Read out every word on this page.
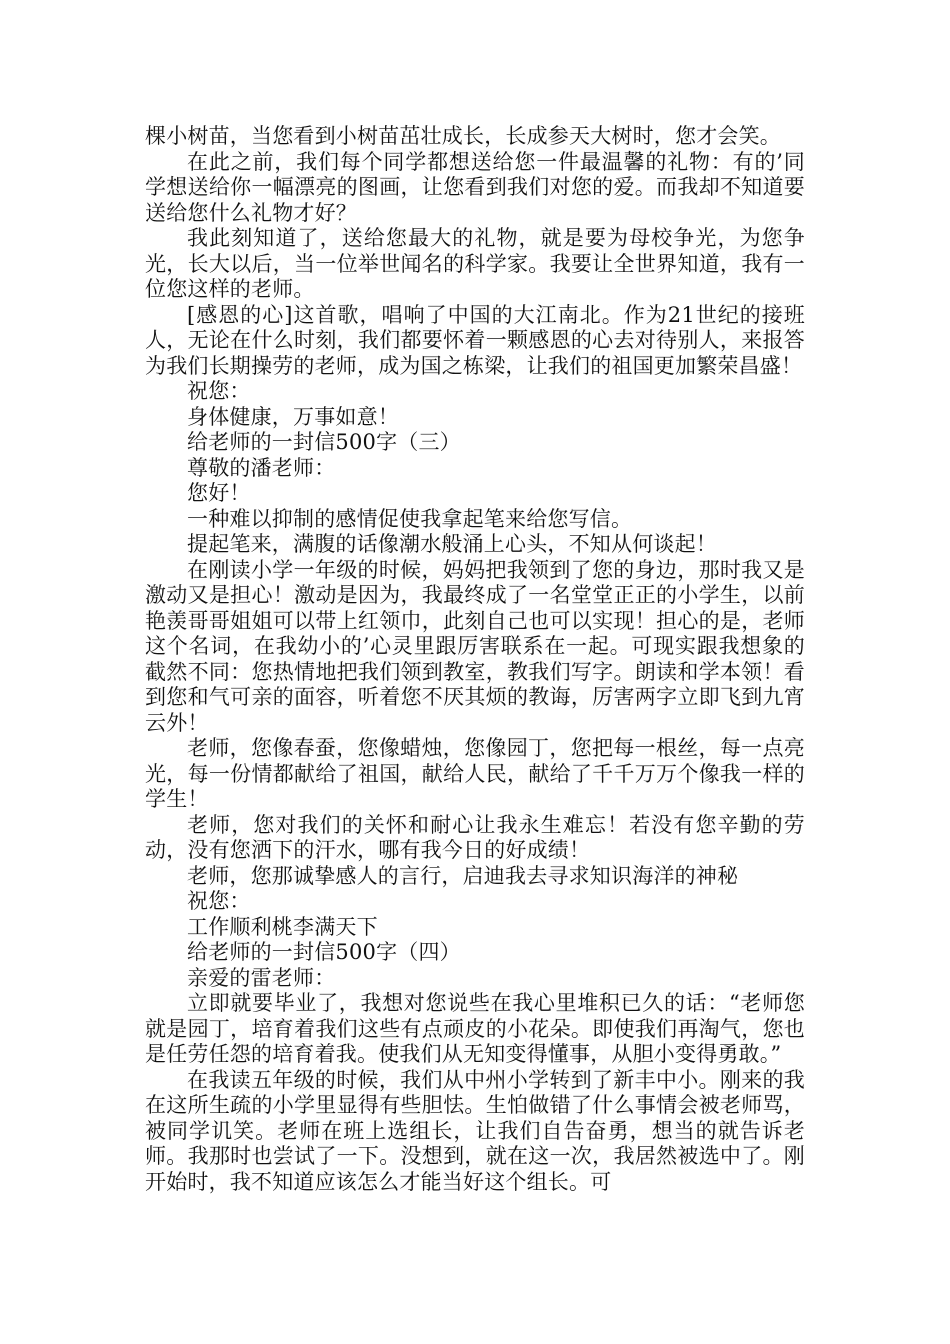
棵小树苗，当您看到小树苗茁壮成长，长成参天大树时，您才会笑。

在此之前，我们每个同学都想送给您一件最温馨的礼物：有的’同学想送给你一幅漂亮的图画，让您看到我们对您的爱。而我却不知道要送给您什么礼物才好？

我此刻知道了，送给您最大的礼物，就是要为母校争光，为您争光，长大以后，当一位举世闻名的科学家。我要让全世界知道，我有一位您这样的老师。

[感恩的心]这首歌，唱响了中国的大江南北。作为21世纪的接班人，无论在什么时刻，我们都要怀着一颗感恩的心去对待别人，来报答为我们长期操劳的老师，成为国之栋梁，让我们的祖国更加繁荣昌盛！

祝您：

身体健康，万事如意！

给老师的一封信500字（三）

尊敬的潘老师：

您好！

一种难以抑制的感情促使我拿起笔来给您写信。

提起笔来，满腹的话像潮水般涌上心头，不知从何谈起！

在刚读小学一年级的时候，妈妈把我领到了您的身边，那时我又是激动又是担心！激动是因为，我最终成了一名堂堂正正的小学生，以前艳羡哥哥姐姐可以带上红领巾，此刻自己也可以实现！担心的是，老师这个名词，在我幼小的’心灵里跟厉害联系在一起。可现实跟我想象的截然不同：您热情地把我们领到教室，教我们写字。朗读和学本领！看到您和气可亲的面容，听着您不厌其烦的教诲，厉害两字立即飞到九宵云外！

老师，您像春蚕，您像蜡烛，您像园丁，您把每一根丝，每一点亮光，每一份情都献给了祖国，献给人民，献给了千千万万个像我一样的学生！

老师，您对我们的关怀和耐心让我永生难忘！若没有您辛勤的劳动，没有您洒下的汗水，哪有我今日的好成绩！

老师，您那诚挚感人的言行，启迪我去寻求知识海洋的神秘

祝您：

工作顺利桃李满天下

给老师的一封信500字（四）

亲爱的雷老师：

立即就要毕业了，我想对您说些在我心里堆积已久的话：“老师您就是园丁，培育着我们这些有点顽皮的小花朵。即使我们再淘气，您也是任劳任怨的培育着我。使我们从无知变得懂事，从胆小变得勇敢。”

在我读五年级的时候，我们从中州小学转到了新丰中小。刚来的我在这所生疏的小学里显得有些胆怯。生怕做错了什么事情会被老师骂，被同学讥笑。老师在班上选组长，让我们自告奋勇，想当的就告诉老师。我那时也尝试了一下。没想到，就在这一次，我居然被选中了。刚开始时，我不知道应该怎么才能当好这个组长。可
